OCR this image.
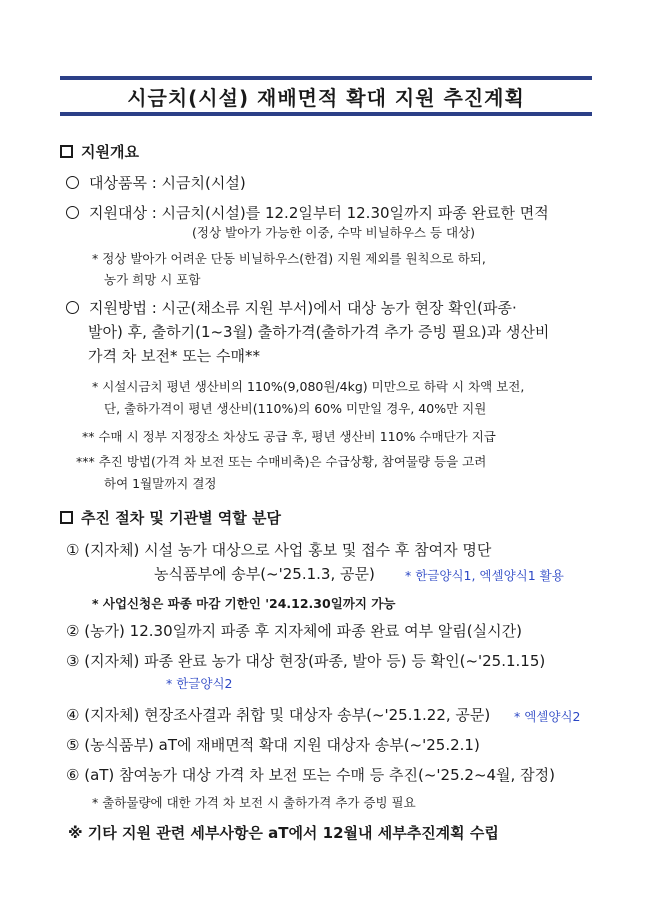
시금치(시설) 재배면적 확대 지원 추진계획
지원개요
대상품목 : 시금치(시설)
지원대상 : 시금치(시설)를 12.2일부터 12.30일까지 파종 완료한 면적
(정상 발아가 가능한 이중, 수막 비닐하우스 등 대상)
* 정상 발아가 어려운 단동 비닐하우스(한겹) 지원 제외를 원칙으로 하되,
농가 희망 시 포함
지원방법 : 시군(채소류 지원 부서)에서 대상 농가 현장 확인(파종·
발아) 후, 출하기(1~3월) 출하가격(출하가격 추가 증빙 필요)과 생산비
가격 차 보전* 또는 수매**
* 시설시금치 평년 생산비의 110%(9,080원/4kg) 미만으로 하락 시 차액 보전,
단, 출하가격이 평년 생산비(110%)의 60% 미만일 경우, 40%만 지원
** 수매 시 정부 지정장소 차상도 공급 후, 평년 생산비 110% 수매단가 지급
*** 추진 방법(가격 차 보전 또는 수매비축)은 수급상황, 참여물량 등을 고려
하여 1월말까지 결정
추진 절차 및 기관별 역할 분담
① (지자체) 시설 농가 대상으로 사업 홍보 및 접수 후 참여자 명단
농식품부에 송부(~'25.1.3, 공문) * 한글양식1, 엑셀양식1 활용
* 사업신청은 파종 마감 기한인 '24.12.30일까지 가능
② (농가) 12.30일까지 파종 후 지자체에 파종 완료 여부 알림(실시간)
③ (지자체) 파종 완료 농가 대상 현장(파종, 발아 등) 등 확인(~'25.1.15)
* 한글양식2
④ (지자체) 현장조사결과 취합 및 대상자 송부(~'25.1.22, 공문) * 엑셀양식2
⑤ (농식품부) aT에 재배면적 확대 지원 대상자 송부(~'25.2.1)
⑥ (aT) 참여농가 대상 가격 차 보전 또는 수매 등 추진(~'25.2~4월, 잠정)
* 출하물량에 대한 가격 차 보전 시 출하가격 추가 증빙 필요
※ 기타 지원 관련 세부사항은 aT에서 12월내 세부추진계획 수립
